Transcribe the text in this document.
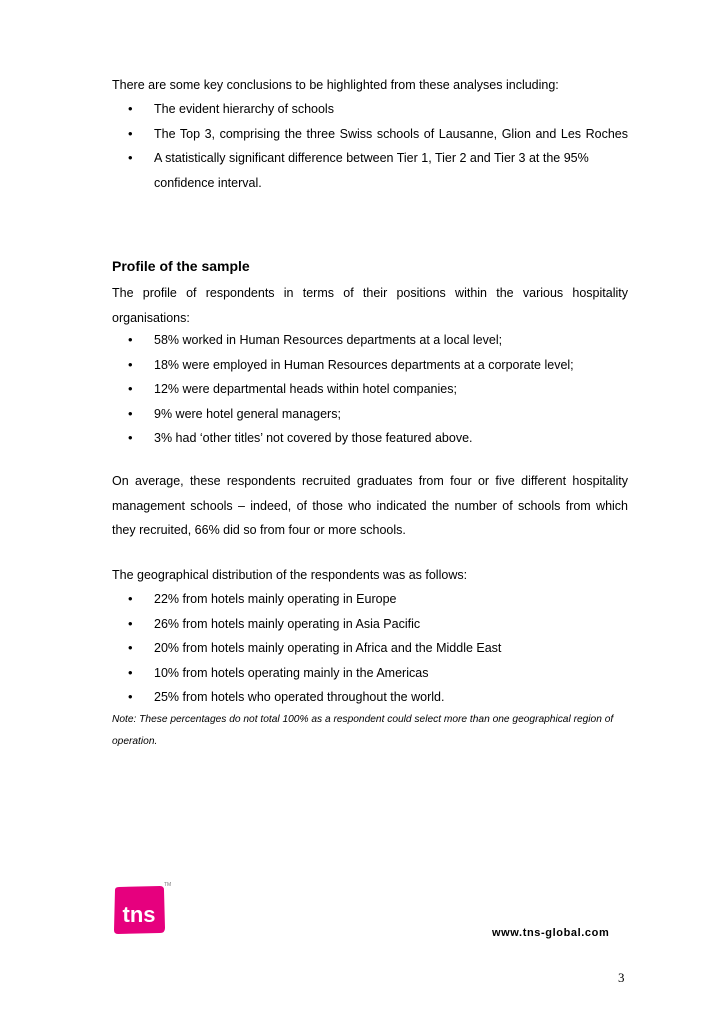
There are some key conclusions to be highlighted from these analyses including:
• The evident hierarchy of schools
• The Top 3, comprising the three Swiss schools of Lausanne, Glion and Les Roches
• A statistically significant difference between Tier 1, Tier 2 and Tier 3 at the 95% confidence interval.
Profile of the sample
The profile of respondents in terms of their positions within the various hospitality organisations:
• 58% worked in Human Resources departments at a local level;
• 18% were employed in Human Resources departments at a corporate level;
• 12% were departmental heads within hotel companies;
• 9% were hotel general managers;
• 3% had ‘other titles’ not covered by those featured above.
On average, these respondents recruited graduates from four or five different hospitality management schools – indeed, of those who indicated the number of schools from which they recruited, 66% did so from four or more schools.
The geographical distribution of the respondents was as follows:
• 22% from hotels mainly operating in Europe
• 26% from hotels mainly operating in Asia Pacific
• 20% from hotels mainly operating in Africa and the Middle East
• 10% from hotels operating mainly in the Americas
• 25% from hotels who operated throughout the world.
Note: These percentages do not total 100% as a respondent could select more than one geographical region of operation.
tns
TM
www.tns-global.com
3
